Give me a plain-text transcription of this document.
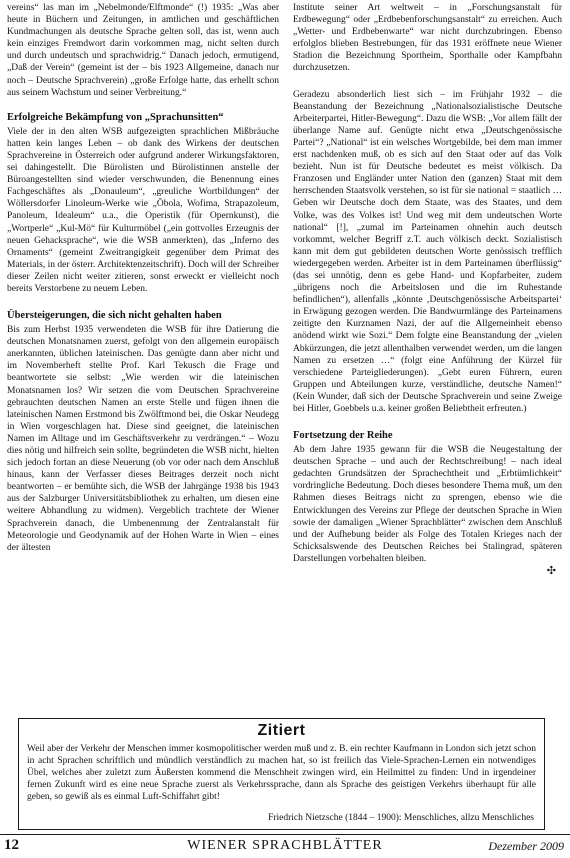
vereins“ las man im „Nebelmonde/Elftmonde“ (!) 1935: „Was aber heute in Büchern und Zeitungen, in amtlichen und geschäftlichen Kundmachungen als deutsche Sprache gelten soll, das ist, wenn auch kein einziges Fremdwort darin vorkommen mag, nicht selten durch und durch undeutsch und sprachwidrig.“ Danach jedoch, ermutigend, „Daß der Verein“ (gemeint ist der – bis 1923 Allgemeine, danach nur noch – Deutsche Sprachverein) „große Erfolge hatte, das erhellt schon aus seinem Wachstum und seiner Verbreitung.“

Erfolgreiche Bekämpfung von „Sprachunsitten“

Viele der in den alten WSB aufgezeigten sprachlichen Mißbräuche hatten kein langes Leben – ob dank des Wirkens der deutschen Sprachvereine in Österreich oder aufgrund anderer Wirkungsfaktoren, sei dahingestellt. Die Bürolisten und Bürolistinnen anstelle der Büroangestellten sind wieder verschwunden, die Benennung eines Fachgeschäftes als „Donauleum“, „greuliche Wortbildungen“ der Wöllersdorfer Linoleum-Werke wie „Ōbola, Wofima, Strapazoleum, Panoleum, Idealeum“ u.a., die Operistik (für Opernkunst), die „Wortperle“ „Kul-Mö“ für Kulturmöbel („ein gottvolles Erzeugnis der neuen Gehacksprache“, wie die WSB anmerkten), das „Inferno des Ornaments“ (gemeint Zweitrangigkeit gegenüber dem Primat des Materials, in der österr. Architektenzeitschrift). Doch will der Schreiber dieser Zeilen nicht weiter zitieren, sonst erweckt er vielleicht noch bereits Verstorbene zu neuem Leben.

Übersteigerungen, die sich nicht gehalten haben

Bis zum Herbst 1935 verwendeten die WSB für ihre Datierung die deutschen Monatsnamen zuerst, gefolgt von den allgemein europäisch anerkannten, üblichen lateinischen. Das genügte dann aber nicht und im Novemberheft stellte Prof. Karl Tekusch die Frage und beantwortete sie selbst: „Wie werden wir die lateinischen Monatsnamen los? Wir setzen die vom Deutschen Sprachvereine gebrauchten deutschen Namen an erste Stelle und fügen ihnen die lateinischen Namen Erstmond bis Zwölftmond bei, die Oskar Neudegg in Wien vorgeschlagen hat. Diese sind geeignet, die lateinischen Namen im Alltage und im Geschäftsverkehr zu verdrängen.“ – Wozu dies nötig und hilfreich sein sollte, begründeten die WSB nicht, hielten sich jedoch fortan an diese Neuerung (ob vor oder nach dem Anschluß hinaus, kann der Verfasser dieses Beitrages derzeit noch nicht beantworten – er bemühte sich, die WSB der Jahrgänge 1938 bis 1943 aus der Salzburger Universitätsbibliothek zu erhalten, um diesen eine weitere Abhandlung zu widmen). Vergeblich trachtete der Wiener Sprachverein danach, die Umbenennung der Zentralanstalt für Meteorologie und Geodynamik auf der Hohen Warte in Wien – eines der ältesten

Institute seiner Art weltweit – in „Forschungsanstalt für Erdbewegung“ oder „Erdbebenforschungsanstalt“ zu erreichen. Auch „Wetter- und Erdbebenwarte“ war nicht durchzubringen. Ebenso erfolglos blieben Bestrebungen, für das 1931 eröffnete neue Wiener Stadion die Bezeichnung Sportheim, Sporthalle oder Kampfbahn durchzusetzen.

Geradezu absonderlich liest sich – im Frühjahr 1932 – die Beanstandung der Bezeichnung „Nationalsozialistische Deutsche Arbeiterpartei, Hitler-Bewegung“. Dazu die WSB: „Vor allem fällt der überlange Name auf. Genügte nicht etwa „Deutschgenössische Partei“? „National“ ist ein welsches Wortgebilde, bei dem man immer erst nachdenken muß, ob es sich auf den Staat oder auf das Volk bezieht. Nun ist für Deutsche bedeutet es meist völkisch. Da Franzosen und Engländer unter Nation den (ganzen) Staat mit dem herrschenden Staatsvolk verstehen, so ist für sie national = staatlich … Geben wir Deutsche doch dem Staate, was des Staates, und dem Volke, was des Volkes ist! Und weg mit dem undeutschen Worte national“ [!], „zumal im Parteinamen ohnehin auch deutsch vorkommt, welcher Begriff z.T. auch völkisch deckt. Sozialistisch kann mit dem gut gebildeten deutschen Worte genössisch trefflich wiedergegeben werden. Arbeiter ist in dem Parteinamen überflüssig“ (das sei unnötig, denn es gebe Hand- und Kopfarbeiter, zudem „übrigens noch die Arbeitslosen und die im Ruhestande befindlichen“), allenfalls „könnte ‚Deutschgenössische Arbeitspartei‘ in Erwägung gezogen werden. Die Bandwurmlänge des Parteinamens zeitigte den Kurznamen Nazi, der auf die Allgemeinheit ebenso anödend wirkt wie Sozi.“ Dem folgte eine Beanstandung der „vielen Abkürzungen, die jetzt allenthalben verwendet werden, um die langen Namen zu ersetzen …“ (folgt eine Anführung der Kürzel für verschiedene Parteigliederungen). „Gebt euren Führern, euren Gruppen und Abteilungen kurze, verständliche, deutsche Namen!“ (Kein Wunder, daß sich der Deutsche Sprachverein und seine Zweige bei Hitler, Goebbels u.a. keiner großen Beliebtheit erfreuten.)

Fortsetzung der Reihe

Ab dem Jahre 1935 gewann für die WSB die Neugestaltung der deutschen Sprache – und auch der Rechtschreibung! – nach ideal gedachten Grundsätzen der Sprachechtheit und „Erbtümlichkeit“ vordringliche Bedeutung. Doch dieses besondere Thema muß, um den Rahmen dieses Beitrags nicht zu sprengen, ebenso wie die Entwicklungen des Vereins zur Pflege der deutschen Sprache in Wien sowie der damaligen „Wiener Sprachblätter“ zwischen dem Anschluß und der Aufhebung beider als Folge des Totalen Krieges nach der Schicksalswende des Deutschen Reiches bei Stalingrad, späteren Darstellungen vorbehalten bleiben.

✣
Zitiert
Weil aber der Verkehr der Menschen immer kosmopolitischer werden muß und z. B. ein rechter Kaufmann in London sich jetzt schon in acht Sprachen schriftlich und mündlich verständlich zu machen hat, so ist freilich das Viele-Sprachen-Lernen ein notwendiges Übel, welches aber zuletzt zum Äußersten kommend die Menschheit zwingen wird, ein Heilmittel zu finden: Und in irgendeiner fernen Zukunft wird es eine neue Sprache zuerst als Verkehrssprache, dann als Sprache des geistigen Verkehrs überhaupt für alle geben, so gewiß als es einmal Luft-Schiffahrt gibt!
Friedrich Nietzsche (1844 – 1900): Menschliches, allzu Menschliches
12	WIENER SPRACHBLÄTTER	Dezember 2009
